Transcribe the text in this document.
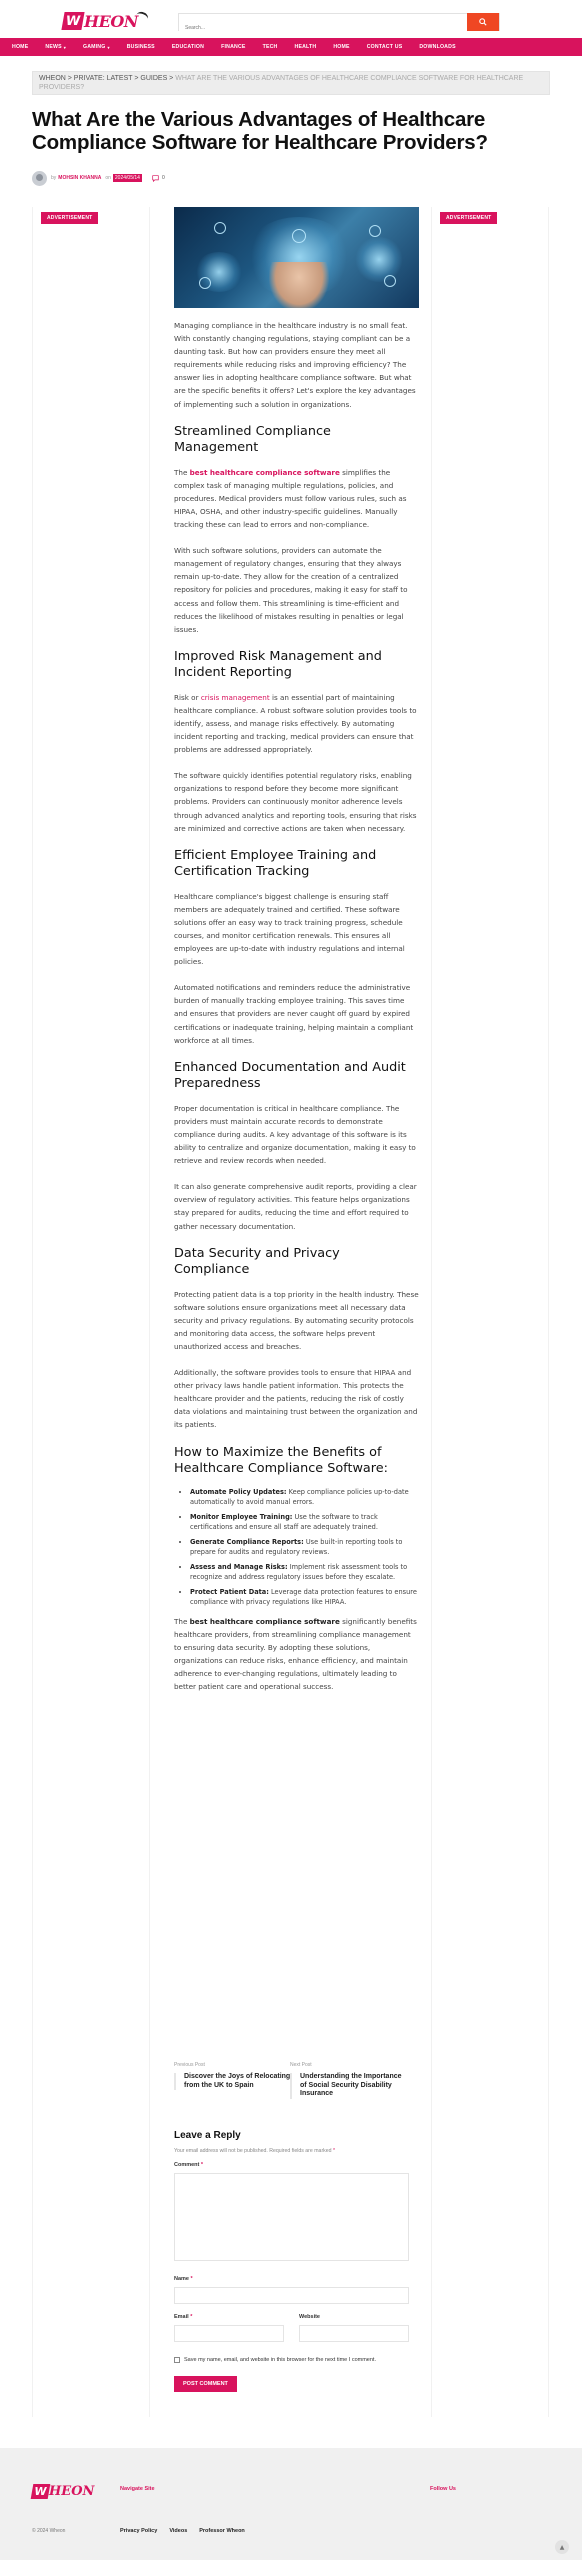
W HEON
Search...
HOME	NEWS ▾	GAMING ▾	BUSINESS	EDUCATION	FINANCE	TECH	HEALTH	HOME	CONTACT US	DOWNLOADS
WHEON > PRIVATE: LATEST > GUIDES > WHAT ARE THE VARIOUS ADVANTAGES OF HEALTHCARE COMPLIANCE SOFTWARE FOR HEALTHCARE PROVIDERS?
What Are the Various Advantages of Healthcare Compliance Software for Healthcare Providers?
by MOHSIN KHANNA on 2024/05/14	0
ADVERTISEMENT	ADVERTISEMENT

Managing compliance in the healthcare industry is no small feat. With constantly changing regulations, staying compliant can be a daunting task. But how can providers ensure they meet all requirements while reducing risks and improving efficiency? The answer lies in adopting healthcare compliance software. But what are the specific benefits it offers? Let's explore the key advantages of implementing such a solution in organizations.

Streamlined Compliance Management

The best healthcare compliance software simplifies the complex task of managing multiple regulations, policies, and procedures. Medical providers must follow various rules, such as HIPAA, OSHA, and other industry-specific guidelines. Manually tracking these can lead to errors and non-compliance.

With such software solutions, providers can automate the management of regulatory changes, ensuring that they always remain up-to-date. They allow for the creation of a centralized repository for policies and procedures, making it easy for staff to access and follow them. This streamlining is time-efficient and reduces the likelihood of mistakes resulting in penalties or legal issues.

Improved Risk Management and Incident Reporting

Risk or crisis management is an essential part of maintaining healthcare compliance. A robust software solution provides tools to identify, assess, and manage risks effectively. By automating incident reporting and tracking, medical providers can ensure that problems are addressed appropriately.

The software quickly identifies potential regulatory risks, enabling organizations to respond before they become more significant problems. Providers can continuously monitor adherence levels through advanced analytics and reporting tools, ensuring that risks are minimized and corrective actions are taken when necessary.

Efficient Employee Training and Certification Tracking

Healthcare compliance's biggest challenge is ensuring staff members are adequately trained and certified. These software solutions offer an easy way to track training progress, schedule courses, and monitor certification renewals. This ensures all employees are up-to-date with industry regulations and internal policies.

Automated notifications and reminders reduce the administrative burden of manually tracking employee training. This saves time and ensures that providers are never caught off guard by expired certifications or inadequate training, helping maintain a compliant workforce at all times.

Enhanced Documentation and Audit Preparedness

Proper documentation is critical in healthcare compliance. The providers must maintain accurate records to demonstrate compliance during audits. A key advantage of this software is its ability to centralize and organize documentation, making it easy to retrieve and review records when needed.

It can also generate comprehensive audit reports, providing a clear overview of regulatory activities. This feature helps organizations stay prepared for audits, reducing the time and effort required to gather necessary documentation.

Data Security and Privacy Compliance

Protecting patient data is a top priority in the health industry. These software solutions ensure organizations meet all necessary data security and privacy regulations. By automating security protocols and monitoring data access, the software helps prevent unauthorized access and breaches.

Additionally, the software provides tools to ensure that HIPAA and other privacy laws handle patient information. This protects the healthcare provider and the patients, reducing the risk of costly data violations and maintaining trust between the organization and its patients.

How to Maximize the Benefits of Healthcare Compliance Software:
• Automate Policy Updates: Keep compliance policies up-to-date automatically to avoid manual errors.
• Monitor Employee Training: Use the software to track certifications and ensure all staff are adequately trained.
• Generate Compliance Reports: Use built-in reporting tools to prepare for audits and regulatory reviews.
• Assess and Manage Risks: Implement risk assessment tools to recognize and address regulatory issues before they escalate.
• Protect Patient Data: Leverage data protection features to ensure compliance with privacy regulations like HIPAA.

The best healthcare compliance software significantly benefits healthcare providers, from streamlining compliance management to ensuring data security. By adopting these solutions, organizations can reduce risks, enhance efficiency, and maintain adherence to ever-changing regulations, ultimately leading to better patient care and operational success.

Previous Post
Discover the Joys of Relocating from the UK to Spain
Next Post
Understanding the Importance of Social Security Disability Insurance
Leave a Reply
Your email address will not be published. Required fields are marked *
Comment *
Name *
Email *	Website
Save my name, email, and website in this browser for the next time I comment.
POST COMMENT
W HEON	Navigate Site	Follow Us
Privacy Policy Videos Professor Wheon
© 2024 Wheon
▲
